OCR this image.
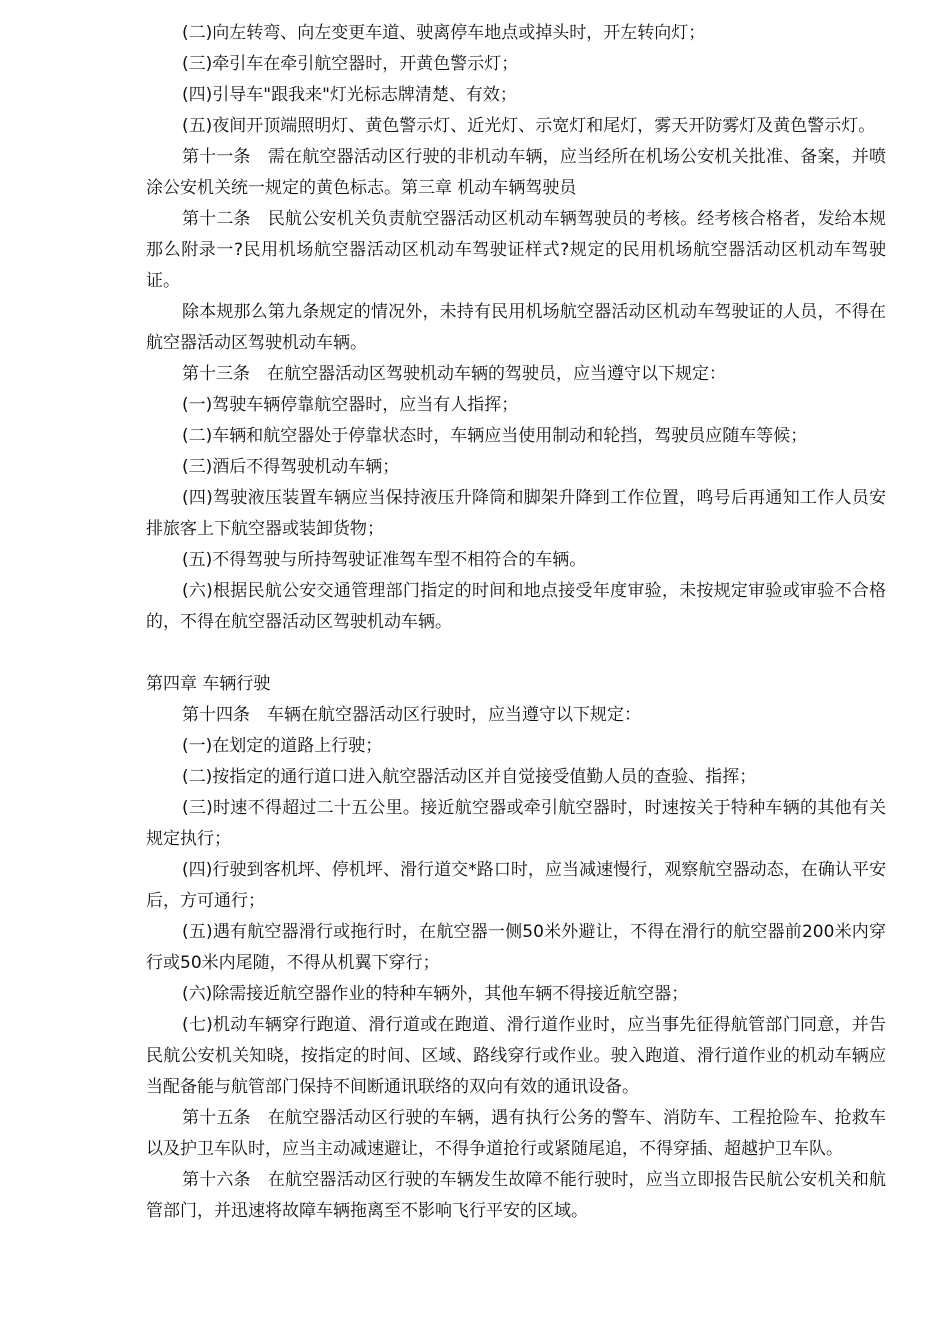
(二)向左转弯、向左变更车道、驶离停车地点或掉头时，开左转向灯；

(三)牵引车在牵引航空器时，开黄色警示灯；

(四)引导车"跟我来"灯光标志牌清楚、有效；

(五)夜间开顶端照明灯、黄色警示灯、近光灯、示宽灯和尾灯，雾天开防雾灯及黄色警示灯。

第十一条　需在航空器活动区行驶的非机动车辆，应当经所在机场公安机关批准、备案，并喷涂公安机关统一规定的黄色标志。第三章 机动车辆驾驶员

第十二条　民航公安机关负责航空器活动区机动车辆驾驶员的考核。经考核合格者，发给本规那么附录一?民用机场航空器活动区机动车驾驶证样式?规定的民用机场航空器活动区机动车驾驶证。

除本规那么第九条规定的情况外，未持有民用机场航空器活动区机动车驾驶证的人员，不得在航空器活动区驾驶机动车辆。

第十三条　在航空器活动区驾驶机动车辆的驾驶员，应当遵守以下规定：

(一)驾驶车辆停靠航空器时，应当有人指挥；

(二)车辆和航空器处于停靠状态时，车辆应当使用制动和轮挡，驾驶员应随车等候；

(三)酒后不得驾驶机动车辆；

(四)驾驶液压装置车辆应当保持液压升降筒和脚架升降到工作位置，鸣号后再通知工作人员安排旅客上下航空器或装卸货物；

(五)不得驾驶与所持驾驶证准驾车型不相符合的车辆。

(六)根据民航公安交通管理部门指定的时间和地点接受年度审验，未按规定审验或审验不合格的，不得在航空器活动区驾驶机动车辆。

第四章 车辆行驶

第十四条　车辆在航空器活动区行驶时，应当遵守以下规定：

(一)在划定的道路上行驶；

(二)按指定的通行道口进入航空器活动区并自觉接受值勤人员的查验、指挥；

(三)时速不得超过二十五公里。接近航空器或牵引航空器时，时速按关于特种车辆的其他有关规定执行；

(四)行驶到客机坪、停机坪、滑行道交*路口时，应当减速慢行，观察航空器动态，在确认平安后，方可通行；

(五)遇有航空器滑行或拖行时，在航空器一侧50米外避让，不得在滑行的航空器前200米内穿行或50米内尾随，不得从机翼下穿行；

(六)除需接近航空器作业的特种车辆外，其他车辆不得接近航空器；

(七)机动车辆穿行跑道、滑行道或在跑道、滑行道作业时，应当事先征得航管部门同意，并告民航公安机关知晓，按指定的时间、区域、路线穿行或作业。驶入跑道、滑行道作业的机动车辆应当配备能与航管部门保持不间断通讯联络的双向有效的通讯设备。

第十五条　在航空器活动区行驶的车辆，遇有执行公务的警车、消防车、工程抢险车、抢救车以及护卫车队时，应当主动减速避让，不得争道抢行或紧随尾追，不得穿插、超越护卫车队。

第十六条　在航空器活动区行驶的车辆发生故障不能行驶时，应当立即报告民航公安机关和航管部门，并迅速将故障车辆拖离至不影响飞行平安的区域。
